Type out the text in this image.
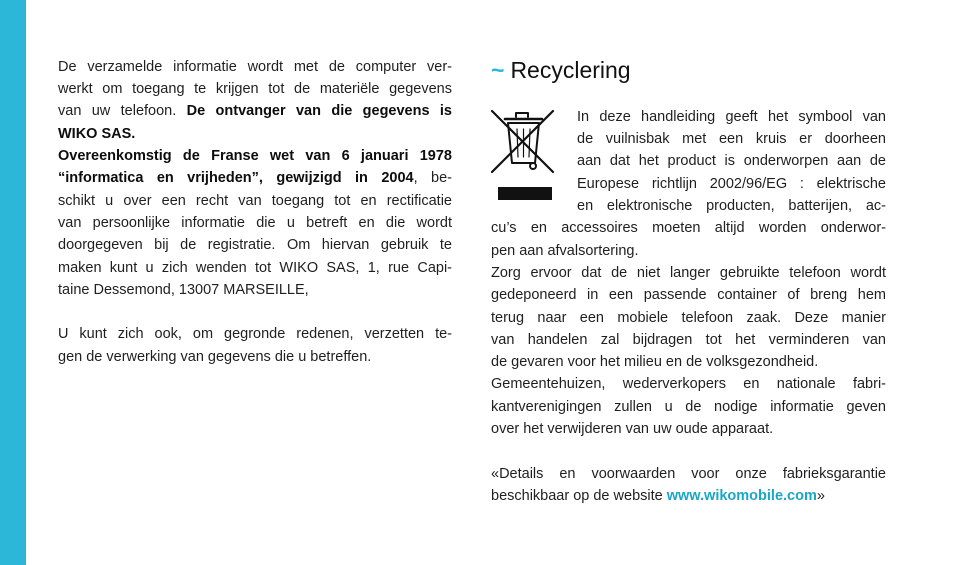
De verzamelde informatie wordt met de computer ver-
werkt om toegang te krijgen tot de materiële gegevens
van uw telefoon. De ontvanger van die gegevens is
WIKO SAS.
Overeenkomstig de Franse wet van 6 januari 1978
“informatica en vrijheden”, gewijzigd in 2004, be-
schikt u over een recht van toegang tot en rectificatie
van persoonlijke informatie die u betreft en die wordt
doorgegeven bij de registratie. Om hiervan gebruik te
maken kunt u zich wenden tot WIKO SAS, 1, rue Capi-
taine Dessemond, 13007 MARSEILLE,
U kunt zich ook, om gegronde redenen, verzetten te-
gen de verwerking van gegevens die u betreffen.
~ Recyclering
In deze handleiding geeft het symbool van
de vuilnisbak met een kruis er doorheen
aan dat het product is onderworpen aan de
Europese richtlijn 2002/96/EG : elektrische
en elektronische producten, batterijen, ac-
cu’s en accessoires moeten altijd worden onderwor-
pen aan afvalsortering.
Zorg ervoor dat de niet langer gebruikte telefoon wordt
gedeponeerd in een passende container of breng hem
terug naar een mobiele telefoon zaak. Deze manier
van handelen zal bijdragen tot het verminderen van
de gevaren voor het milieu en de volksgezondheid.
Gemeentehuizen, wederverkopers en nationale fabri-
kantverenigingen zullen u de nodige informatie geven
over het verwijderen van uw oude apparaat.
«Details en voorwaarden voor onze fabrieksgarantie
beschikbaar op de website www.wikomobile.com»
